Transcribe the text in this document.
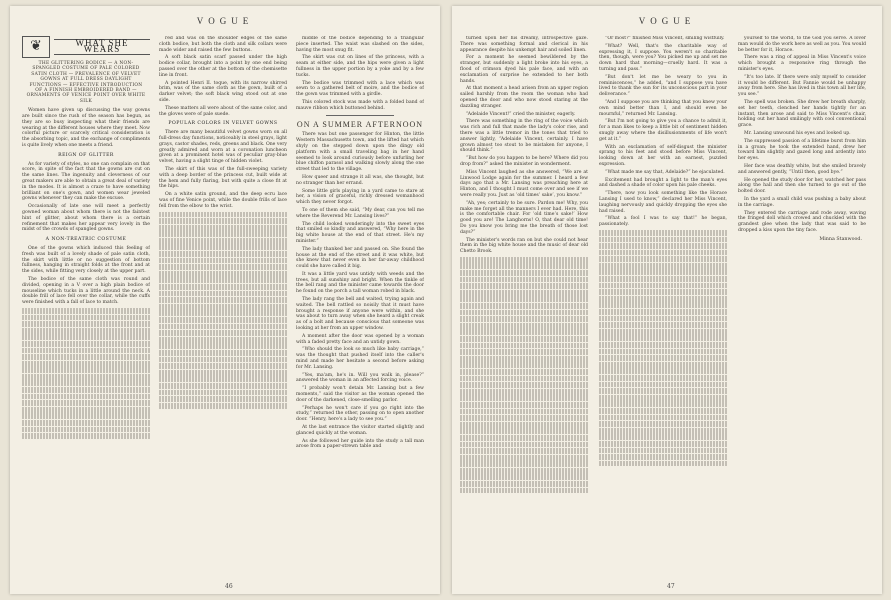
VOGUE
❦	WHAT SHE WEARS
THE GLITTERING BODICE — A NON-SPANGLED COSTUME OF PALE COLORED SATIN CLOTH — PREVALENCE OF VELVET GOWNS AT FULL DRESS DAYLIGHT FUNCTIONS — EFFECTIVE INTRODUCTION OF A FINNISH EMBROIDERED BAND — ORNAMENTS OF VENICE POINT OVER WHITE SILK

Women have given up discussing the way gowns are built since the rush of the season has begun, as they are so busy inspecting what their friends are wearing at the different houses where they meet. Now colorful picture or scarcely critical consideration is the absorbing topic, and the exchange of compliments is quite lively when one meets a friend.

REIGN OF GLITTER

As for variety of styles, no one can complain on that score, in spite of the fact that the gowns are cut on the same lines. The ingenuity and cleverness of our great makers are able to obtain a great deal of variety in the modes. It is almost a craze to have something brilliant on one's gown, and women wear jeweled gowns whenever they can make the excuse.

Occasionally of late one will meet a perfectly gowned woman about whom there is not the faintest hint of glitter, about whom there is a certain refinement that makes her appear very lovely in the midst of the crowds of spangled gowns.

A NON-TREATRIC COSTUME

One of the gowns which induced this feeling of fresh was built of a lovely shade of pale satin cloth, the skirt with little or no suggestion of bottom fullness, hanging in straight folds at the front and at the sides, while fitting very closely at the upper part.

The bodice of the same cloth was round and divided, opening in a V over a high plain bodice of mouseline which tucks in a little around the neck. A double frill of lace fell over the collar, while the cuffs were finished with a fall of lace to match.

red and was on the shoulder edges of the same cloth bodice, but both the cloth and silk collars were made wider and raised the few buttons.

A soft black satin scarf passed under the high bodice collar, brought into a point by one end being passed over the other at the bottom of the chemisette line in front.

A pointed Henri II. toque, with its narrow shirred brim, was of the same cloth as the gown, built of a darker velvet; the soft black wing stood out at one side.

These matters all were about of the same color, and the gloves were of pale suede.

POPULAR COLORS IN VELVET GOWNS

There are many beautiful velvet gowns worn on all full-dress day functions, noticeably in steel grays, light grays, castor shades, reds, greens and black. One very greatly admired and worn at a coronation luncheon given at a prominent hotel was of peculiar gray-blue velvet, having a slight tinge of hidden violet.

The skirt of this was of the full-sweeping variety with a deep border of the princess cut, built wide at the hem and fully flaring, but with quite a close fit at the hips.

On a white satin ground, and the deep ecru lace was of fine Venice point, while the double frills of lace fell from the elbow to the wrist.

middle of the bodice depending to a triangular piece inserted. The waist was slashed on the sides, having the most snug fit.

The skirt was cut on lines of the princess, with a seam at either side, and the hips were given a light fullness in the upper portion by a yoke and by a few tucks.

The bodice was trimmed with a lace which was sewn to a gathered belt of moire, and the bodice of the gown was trimmed with a girdle.

This colored stock was made with a folded band of mauve ribbon which buttoned behind.

ON A SUMMER AFTERNOON

There was but one passenger for Hinton, the little Western Massachusetts town, and the lifted hat which shyly on the stepped down upon the dingy old platform with a small traveling bag in her hand seemed to look around curiously before unfurling her blue chiffon parasol and walking slowly along the one street that led to the village.

How queer and strange it all was, she thought, but no stranger than her errand.

Some little girls playing in a yard came to stare at her, a vision of graceful, richly dressed womanhood which they never forgot.

To one of them she said, “My dear, can you tell me where the Reverend Mr. Lansing lives?”

The child looked wonderingly into the sweet eyes that smiled so kindly and answered, “Why here in the big white house at the end of that street. He's my minister.”

The lady thanked her and passed on. She found the house at the end of the street and it was white, but she knew that never even in her far-away childhood could she have called it big.

It was a little yard was untidy with weeds and the trees, but all sunshiny and bright. When the tinkle of the bell rang and the minister came towards the door he found on the porch a tall woman robed in black.

The lady rang the bell and waited, trying again and waited. The bell rattled so noisily that it must have brought a response if anyone were within, and she was about to turn away when she heard a slight creak as of a bolt and because conscious that someone was looking at her from an upper window.

A moment after the door was opened by a woman with a faded pretty face and an untidy gown.

“Who should the look so much like baby carriage,” was the thought that pushed itself into the caller's mind and made her hesitate a second before asking for Mr. Lansing.

“Yes, ma'am, he's in. Will you walk in, please?” answered the woman in an affected forcing voice.

“I probably won't detain Mr. Lansing but a few moments,” said the visitor as the woman opened the door of the darkened, close-smelling parlor.

“Perhaps he won't care if you go right into the study,” returned the other, passing on to open another door. “Henry, here's a lady to see you.”

At the last entrance the visitor started slightly and glanced quickly at the woman.

As she followed her guide into the study a tall man arose from a paper-strewn table and

46
VOGUE

turned upon her his dreamy, introspective gaze. There was something formal and clerical in his appearance despite his unkempt hair and soiled linen.

For a moment he seemed bewildered by the stranger, but suddenly a light broke into his eyes, a flood of crimson dyed his pale face, and with an exclamation of surprise he extended to her both hands.

At that moment a head arisen from an upper region sailed harshly from the room the woman who had opened the door and who now stood staring at the dazzling stranger.

“Adelaide Vincent!” cried the minister, eagerly.

There was something in the ring of the voice which was rich and full that made the lady's color rise, and there was a little tremor in the tones that tried to answer lightly, “Adelaide Vincent, certainly. I have grown almost too stout to be mistaken for anyone, I should think.”

“But how do you happen to be here? Where did you drop from?” asked the minister in wonderment.

Miss Vincent laughed as she answered, “We are at Linwood Lodge again for the summer. I heard a few days ago that a Mr. Lansing was preaching here at Hinton, and I thought I must come over and see if we were really you. Just as ‘old times’ sake’, you know.”

“Ah, yes; certainly to be sure. Pardon me! Why, you make me forget all the manners I ever had. Here, this is the comfortable chair. For ‘old time’s sake!’ How good you are! The Langhorns! O, that dear old time! Do you know you bring me the breath of those lost days?”

The minister's words ran on but she could not hear them in the big white house and the music of dear old Chetto Brook.

“Or most?” finished Miss Vincent, smiling wistfully.

“What? Well, that's the charitable way of expressing it, I suppose. You weren't so charitable then, though, were you? You picked me up and set me down hard that morning—cruelly hard. It was a turning and pass.”

“But don't let me be weary to you in reminiscences,” he added, “and I suppose you have lived to thank the sun for its unconscious part in your deliverance.”

“And I suppose you are thinking that you knew your own mind better than I, and should even be mournful,” returned Mr. Lansing.

“But I'm not going to give you a chance to admit it, for a man likes to keep a little bit of sentiment hidden snugly away where the disillusionments of life won't get at it.”

With an exclamation of self-disgust the minister sprang to his feet and stood before Miss Vincent, looking down at her with an earnest, puzzled expression.

“What made me say that, Adelaide?” he ejaculated.

Excitement had brought a light to the man's eyes and dashed a shade of color upon his pale cheeks.

“There, now you look something like the Horace Lansing I used to know,” declared her Miss Vincent, laughing nervously and quickly dropping the eyes she had raised.

“What a fool I was to say that!” he began, passionately.

yourself to the world, to the God you serve. A lover man would do the work here as well as you. You would be better for it, Horace.

There was a ring of appeal in Miss Vincent's voice which brought a responsive ring through the minister's eyes.

“It's too late. If there were only myself to consider it would be different. But Fannie would be unhappy away from here. She has lived in this town all her life, you see.”

The spell was broken. She drew her breath sharply, set her teeth, clenched her hands tightly for an instant, then arose and said to Miss Vincent's chair, holding out her hand smilingly with cool conventional grace.

Mr. Lansing unwound his eyes and looked up.

The suppressed passion of a lifetime burst from him in a groan; he took the extended hand, drew her toward him slightly and gazed long and ardently into her eyes.

Her face was deathly white, but she smiled bravely and answered gently, “Until then, good bye.”

He opened the study door for her, watched her pass along the hall and then she turned to go out of the bolted door.

In the yard a small child was pushing a baby about in the carriage.

They entered the carriage and rode away, waving the fringed doll which crowed and chuckled with the grandest glee when the lady that was said to be dropped a kiss upon the tiny face.

Minna Stanwood.
47
